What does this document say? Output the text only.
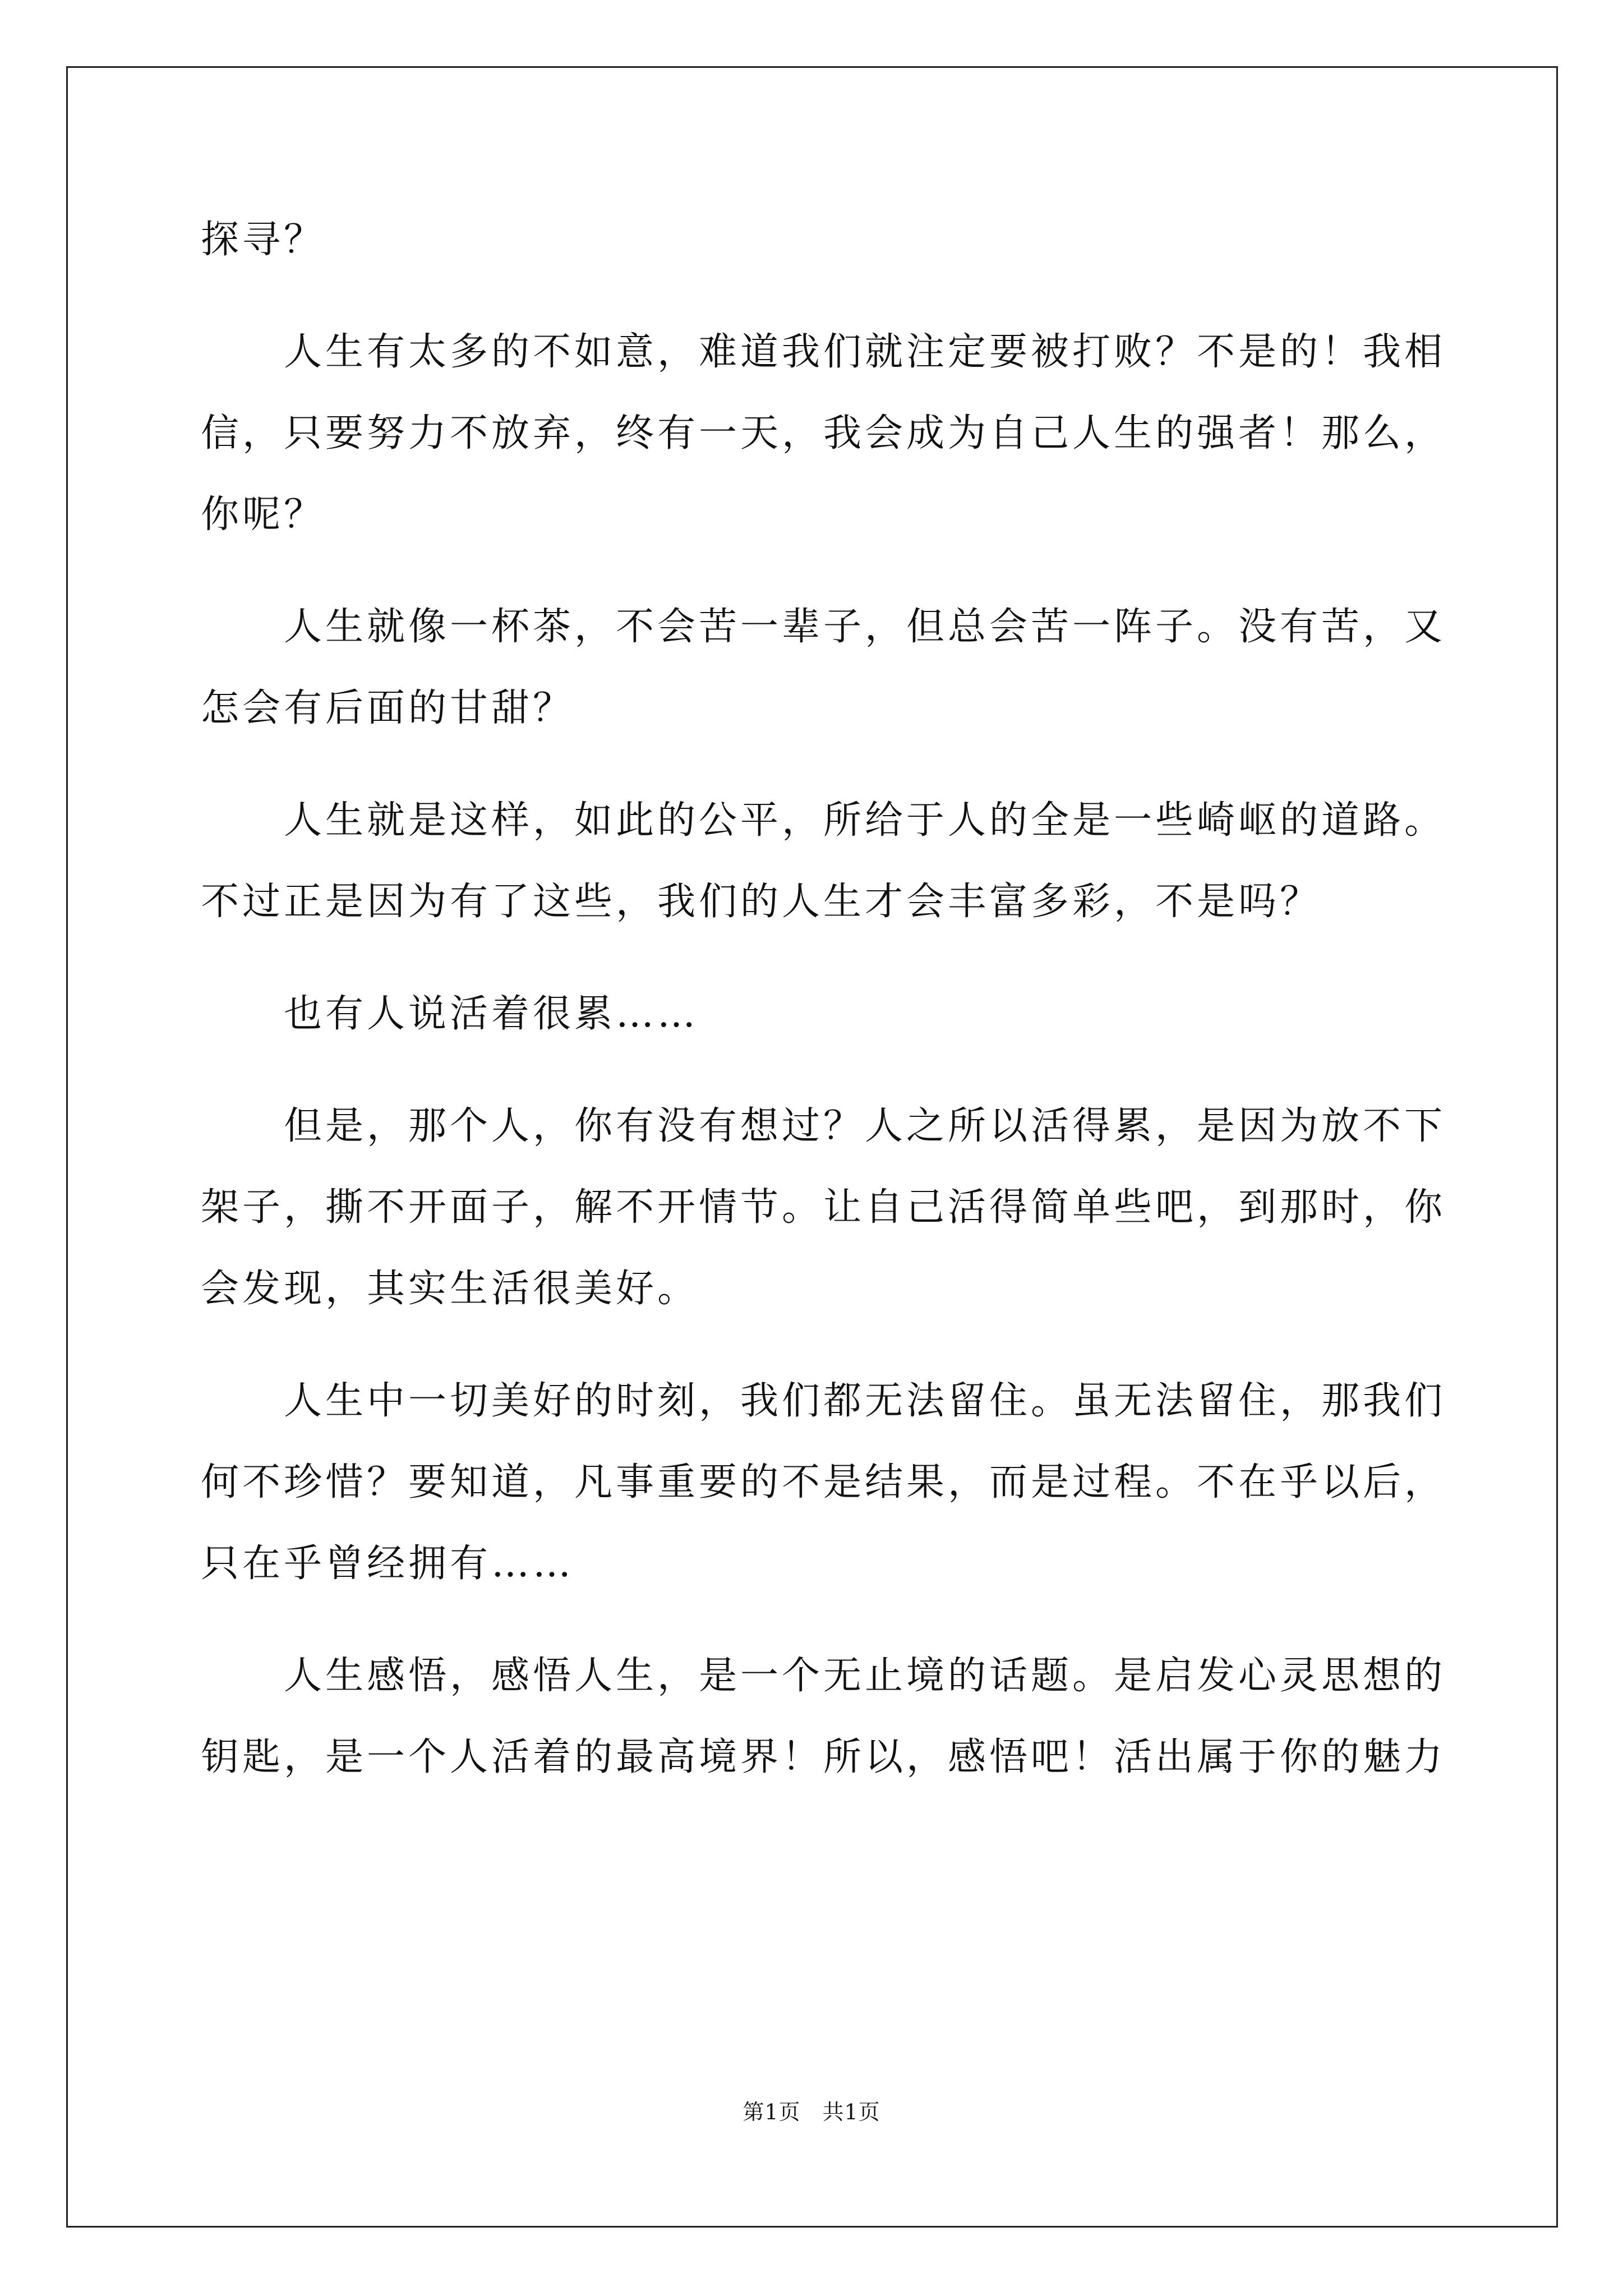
探寻？
人生有太多的不如意，难道我们就注定要被打败？不是的！我相
信，只要努力不放弃，终有一天，我会成为自己人生的强者！那么，
你呢？
人生就像一杯茶，不会苦一辈子，但总会苦一阵子。没有苦，又
怎会有后面的甘甜？
人生就是这样，如此的公平，所给于人的全是一些崎岖的道路。
不过正是因为有了这些，我们的人生才会丰富多彩，不是吗？
也有人说活着很累……
但是，那个人，你有没有想过？人之所以活得累，是因为放不下
架子，撕不开面子，解不开情节。让自己活得简单些吧，到那时，你
会发现，其实生活很美好。
人生中一切美好的时刻，我们都无法留住。虽无法留住，那我们
何不珍惜？要知道，凡事重要的不是结果，而是过程。不在乎以后，
只在乎曾经拥有……
人生感悟，感悟人生，是一个无止境的话题。是启发心灵思想的
钥匙，是一个人活着的最高境界！所以，感悟吧！活出属于你的魅力
第1页　共1页
